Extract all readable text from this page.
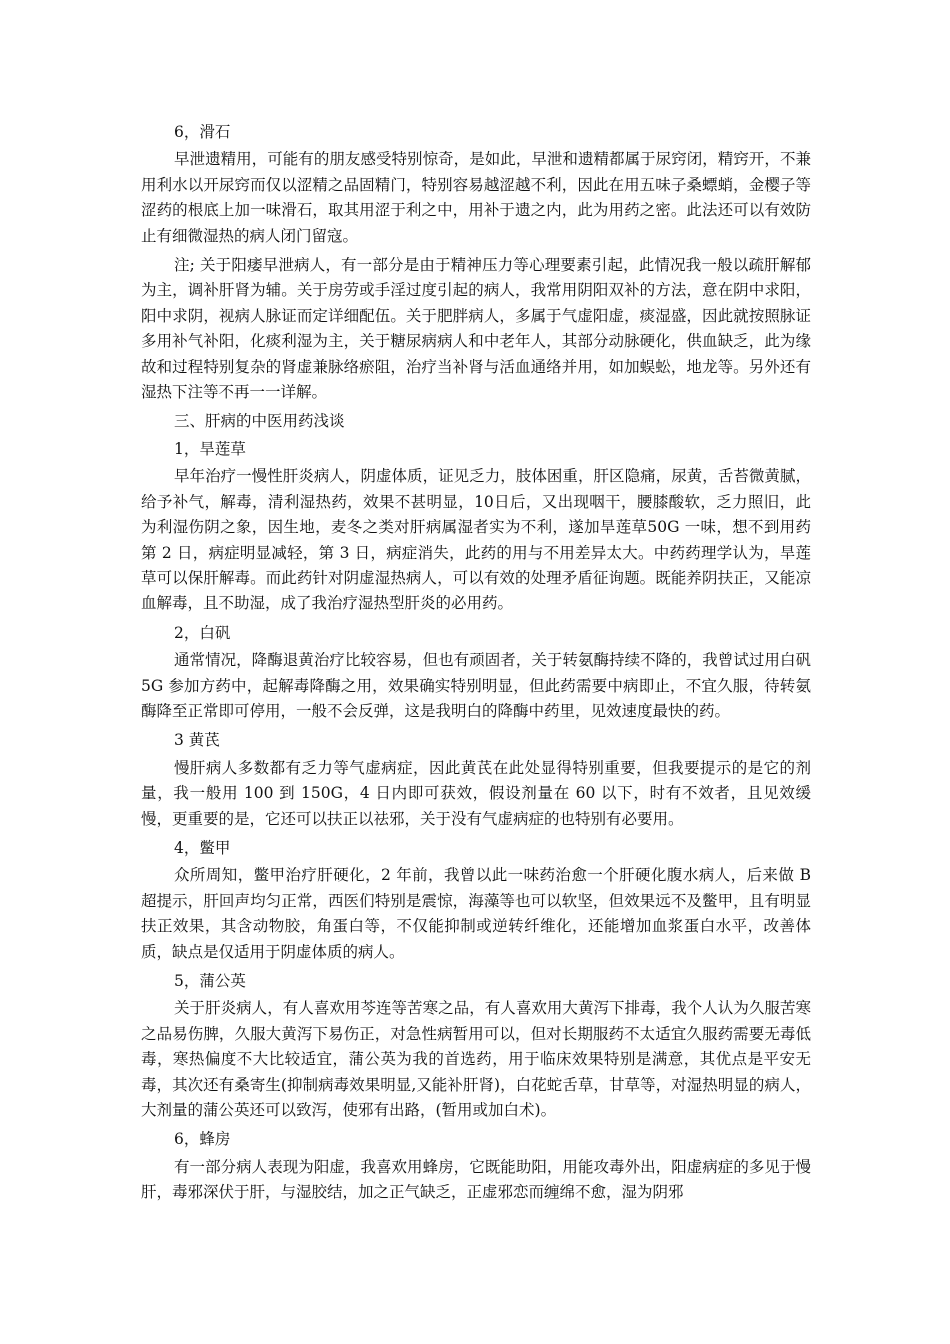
6，滑石
早泄遗精用，可能有的朋友感受特别惊奇，是如此，早泄和遗精都属于尿窍闭，精窍开，不兼用利水以开尿窍而仅以涩精之品固精门，特别容易越涩越不利，因此在用五味子桑螵蛸，金樱子等涩药的根底上加一味滑石，取其用涩于利之中，用补于遗之内，此为用药之密。此法还可以有效防止有细微湿热的病人闭门留寇。
注; 关于阳痿早泄病人，有一部分是由于精神压力等心理要素引起，此情况我一般以疏肝解郁为主，调补肝肾为辅。关于房劳或手淫过度引起的病人，我常用阴阳双补的方法，意在阴中求阳，阳中求阴，视病人脉证而定详细配伍。关于肥胖病人，多属于气虚阳虚，痰湿盛，因此就按照脉证多用补气补阳，化痰利湿为主，关于糖尿病病人和中老年人，其部分动脉硬化，供血缺乏，此为缘故和过程特别复杂的肾虚兼脉络瘀阻，治疗当补肾与活血通络并用，如加蜈蚣，地龙等。另外还有湿热下注等不再一一详解。
三、肝病的中医用药浅谈
1，旱莲草
早年治疗一慢性肝炎病人，阴虚体质，证见乏力，肢体困重，肝区隐痛，尿黄，舌苔微黄腻，给予补气，解毒，清利湿热药，效果不甚明显，10日后，又出现咽干，腰膝酸软，乏力照旧，此为利湿伤阴之象，因生地，麦冬之类对肝病属湿者实为不利，遂加旱莲草50G 一味，想不到用药第 2 日，病症明显减轻，第 3 日，病症消失，此药的用与不用差异太大。中药药理学认为，旱莲草可以保肝解毒。而此药针对阴虚湿热病人，可以有效的处理矛盾征询题。既能养阴扶正，又能凉血解毒，且不助湿，成了我治疗湿热型肝炎的必用药。
2，白矾
通常情况，降酶退黄治疗比较容易，但也有顽固者，关于转氨酶持续不降的，我曾试过用白矾 5G 参加方药中，起解毒降酶之用，效果确实特别明显，但此药需要中病即止，不宜久服，待转氨酶降至正常即可停用，一般不会反弹，这是我明白的降酶中药里，见效速度最快的药。
3 黄芪
慢肝病人多数都有乏力等气虚病症，因此黄芪在此处显得特别重要，但我要提示的是它的剂量，我一般用 100 到 150G，4 日内即可获效，假设剂量在 60 以下，时有不效者，且见效缓慢，更重要的是，它还可以扶正以祛邪，关于没有气虚病症的也特别有必要用。
4，鳖甲
众所周知，鳖甲治疗肝硬化，2 年前，我曾以此一味药治愈一个肝硬化腹水病人，后来做 B 超提示，肝回声均匀正常，西医们特别是震惊，海藻等也可以软坚，但效果远不及鳖甲，且有明显扶正效果，其含动物胶，角蛋白等，不仅能抑制或逆转纤维化，还能增加血浆蛋白水平，改善体质，缺点是仅适用于阴虚体质的病人。
5，蒲公英
关于肝炎病人，有人喜欢用芩连等苦寒之品，有人喜欢用大黄泻下排毒，我个人认为久服苦寒之品易伤脾，久服大黄泻下易伤正，对急性病暂用可以，但对长期服药不太适宜久服药需要无毒低毒，寒热偏度不大比较适宜，蒲公英为我的首选药，用于临床效果特别是满意，其优点是平安无毒，其次还有桑寄生(抑制病毒效果明显,又能补肝肾)，白花蛇舌草，甘草等，对湿热明显的病人，大剂量的蒲公英还可以致泻，使邪有出路，(暂用或加白术)。
6，蜂房
有一部分病人表现为阳虚，我喜欢用蜂房，它既能助阳，用能攻毒外出，阳虚病症的多见于慢肝，毒邪深伏于肝，与湿胶结，加之正气缺乏，正虚邪恋而缠绵不愈，湿为阴邪
